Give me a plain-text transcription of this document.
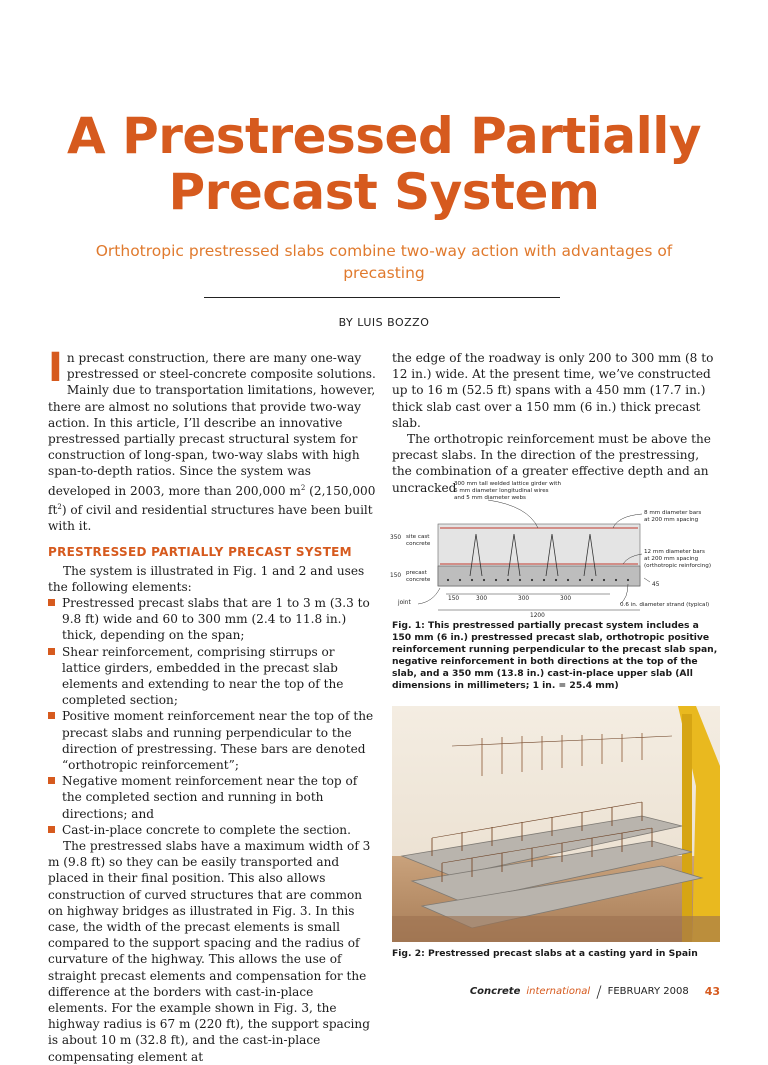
A Prestressed Partially
Precast System
Orthotropic prestressed slabs combine two-way action with advantages of precasting
BY LUIS BOZZO

In precast construction, there are many one-way prestressed or steel-concrete composite solutions. Mainly due to transportation limitations, however, there are almost no solutions that provide two-way action. In this article, I’ll describe an innovative prestressed partially precast structural system for construction of long-span, two-way slabs with high span-to-depth ratios. Since the system was developed in 2003, more than 200,000 $m^2$ (2,150,000 $ft^2$) of civil and residential structures have been built with it.

PRESTRESSED PARTIALLY PRECAST SYSTEM

The system is illustrated in Fig. 1 and 2 and uses the following elements:

Prestressed precast slabs that are 1 to 3 m (3.3 to 9.8 ft) wide and 60 to 300 mm (2.4 to 11.8 in.) thick, depending on the span;
Shear reinforcement, comprising stirrups or lattice girders, embedded in the precast slab elements and extending to near the top of the completed section;
Positive moment reinforcement near the top of the precast slabs and running perpendicular to the direction of prestressing. These bars are denoted “orthotropic reinforcement”;
Negative moment reinforcement near the top of the completed section and running in both directions; and
Cast-in-place concrete to complete the section.

The prestressed slabs have a maximum width of 3 m (9.8 ft) so they can be easily transported and placed in their final position. This also allows construction of curved structures that are common on highway bridges as illustrated in Fig. 3. In this case, the width of the precast elements is small compared to the support spacing and the radius of curvature of the highway. This allows the use of straight precast elements and compensation for the difference at the borders with cast-in-place elements. For the example shown in Fig. 3, the highway radius is 67 m (220 ft), the support spacing is about 10 m (32.8 ft), and the cast-in-place compensating element at

the edge of the roadway is only 200 to 300 mm (8 to 12 in.) wide. At the present time, we’ve constructed up to 16 m (52.5 ft) spans with a 450 mm (17.7 in.) thick slab cast over a 150 mm (6 in.) thick precast slab.

The orthotropic reinforcement must be above the precast slabs. In the direction of the prestressing, the combination of a greater effective depth and an uncracked

300 mm tall welded lattice girder with
6 mm diameter longitudinal wires
and 5 mm diameter webs
8 mm diameter bars
at 200 mm spacing
12 mm diameter bars
at 200 mm spacing
(orthotropic reinforcing)
350 site cast
concrete
150 precast
concrete
joint
45
150	300	300	300
0.6 in. diameter strand (typical)
1200
Fig. 1: This prestressed partially precast system includes a 150 mm (6 in.) prestressed precast slab, orthotropic positive reinforcement running perpendicular to the precast slab span, negative reinforcement in both directions at the top of the slab, and a 350 mm (13.8 in.) cast-in-place upper slab (All dimensions in millimeters; 1 in. = 25.4 mm)
Fig. 2: Prestressed precast slabs at a casting yard in Spain
Concrete international / FEBRUARY 2008 43
